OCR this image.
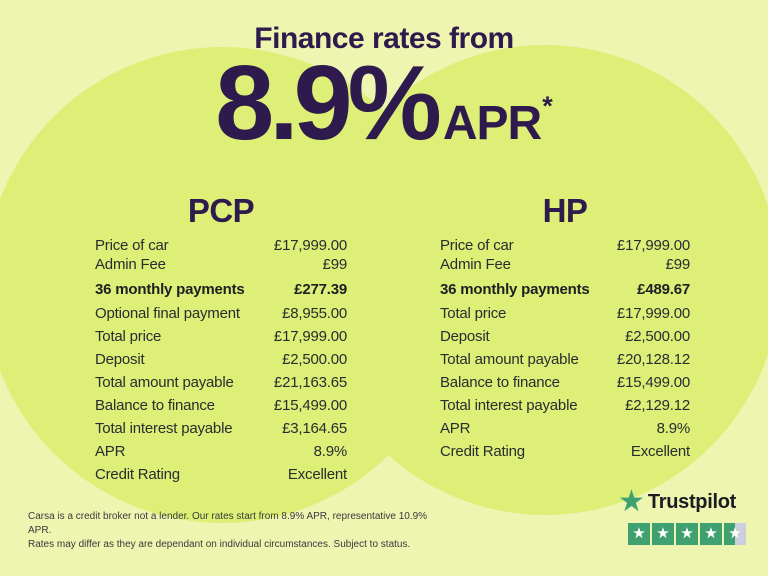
Finance rates from
8.9% APR *
PCP	HP
Price of car	£17,999.00
Admin Fee	£99
36 monthly payments	£277.39
Optional final payment	£8,955.00
Total price	£17,999.00
Deposit	£2,500.00
Total amount payable	£21,163.65
Balance to finance	£15,499.00
Total interest payable	£3,164.65
APR	8.9%
Credit Rating	Excellent
Price of car	£17,999.00
Admin Fee	£99
36 monthly payments	£489.67
Total price	£17,999.00
Deposit	£2,500.00
Total amount payable	£20,128.12
Balance to finance	£15,499.00
Total interest payable	£2,129.12
APR	8.9%
Credit Rating	Excellent
Carsa is a credit broker not a lender. Our rates start from 8.9% APR, representative 10.9% APR.
Rates may differ as they are dependant on individual circumstances. Subject to status.
★ Trustpilot
★ ★ ★ ★ ★
